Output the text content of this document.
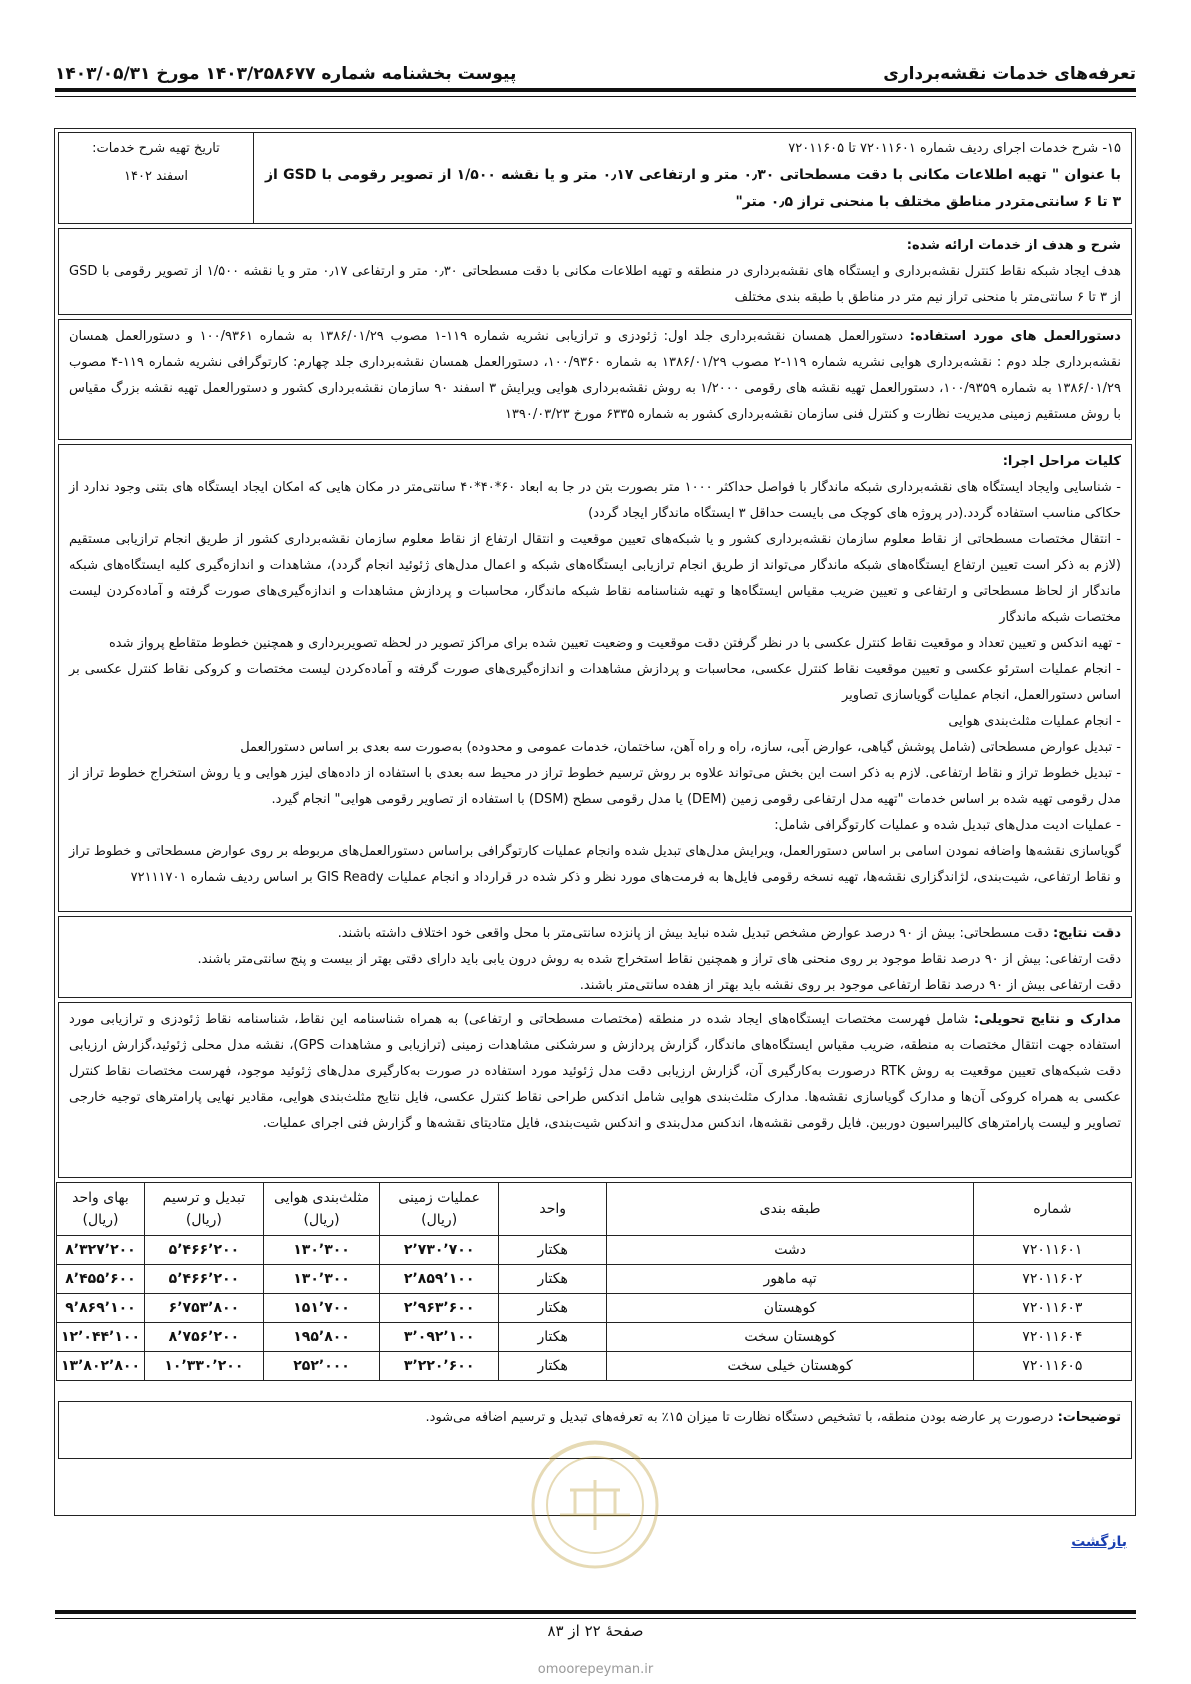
تعرفه‌های خدمات نقشه‌برداری
پیوست بخشنامه شماره ۱۴۰۳/۲۵۸۶۷۷ مورخ ۱۴۰۳/۰۵/۳۱
۱۵- شرح خدمات اجرای ردیف شماره ۷۲۰۱۱۶۰۱ تا ۷۲۰۱۱۶۰۵
با عنوان " تهیه اطلاعات مکانی با دقت مسطحاتی ۰٫۳۰ متر و ارتفاعی ۰٫۱۷ متر و یا نقشه ۱/۵۰۰ از تصویر رقومی با GSD از ۳ تا ۶ سانتی‌متردر مناطق مختلف با منحنی تراز ۰٫۵ متر"
تاریخ تهیه شرح خدمات:
اسفند ۱۴۰۲
شرح و هدف از خدمات ارائه شده:
هدف ایجاد شبکه نقاط کنترل نقشه‌برداری و ایستگاه های نقشه‌برداری در منطقه و تهیه اطلاعات مکانی با دقت مسطحاتی ۰٫۳۰ متر و ارتفاعی ۰٫۱۷ متر و یا نقشه ۱/۵۰۰ از تصویر رقومی با GSD از ۳ تا ۶ سانتی‌متر با منحنی تراز نیم متر در مناطق با طبقه بندی مختلف
دستورالعمل های مورد استفاده: دستورالعمل همسان نقشه‌برداری جلد اول: ژئودزی و ترازیابی نشریه شماره ۱۱۹-۱ مصوب ۱۳۸۶/۰۱/۲۹ به شماره ۱۰۰/۹۳۶۱ و دستورالعمل همسان نقشه‌برداری جلد دوم : نقشه‌برداری هوایی نشریه شماره ۱۱۹-۲ مصوب ۱۳۸۶/۰۱/۲۹ به شماره ۱۰۰/۹۳۶۰، دستورالعمل همسان نقشه‌برداری جلد چهارم: کارتوگرافی نشریه شماره ۱۱۹-۴ مصوب ۱۳۸۶/۰۱/۲۹ به شماره ۱۰۰/۹۳۵۹، دستورالعمل تهیه نقشه های رقومی ۱/۲۰۰۰ به روش نقشه‌برداری هوایی ویرایش ۳ اسفند ۹۰ سازمان نقشه‌برداری کشور و دستورالعمل تهیه نقشه بزرگ مقیاس با روش مستقیم زمینی مدیریت نظارت و کنترل فنی سازمان نقشه‌برداری کشور به شماره ۶۳۳۵ مورخ ۱۳۹۰/۰۳/۲۳
کلیات مراحل اجرا:
- شناسایی وایجاد ایستگاه های نقشه‌برداری شبکه ماندگار با فواصل حداکثر ۱۰۰۰ متر بصورت بتن در جا به ابعاد ۶۰*۴۰*۴۰ سانتی‌متر در مکان هایی که امکان ایجاد ایستگاه های بتنی وجود ندارد از حکاکی مناسب استفاده گردد.(در پروژه های کوچک می بایست حداقل ۳ ایستگاه ماندگار ایجاد گردد)
- انتقال مختصات مسطحاتی از نقاط معلوم سازمان نقشه‌برداری کشور و یا شبکه‌های تعیین موقعیت و انتقال ارتفاع از نقاط معلوم سازمان نقشه‌برداری کشور از طریق انجام ترازیابی مستقیم (لازم به ذکر است تعیین ارتفاع ایستگاه‌های شبکه ماندگار می‌تواند از طریق انجام ترازیابی ایستگاه‌های شبکه و اعمال مدل‌های ژئوئید انجام گردد)، مشاهدات و اندازه‌گیری کلیه ایستگاه‌های شبکه ماندگار از لحاظ مسطحاتی و ارتفاعی و تعیین ضریب مقیاس ایستگاه‌ها و تهیه شناسنامه نقاط شبکه ماندگار، محاسبات و پردازش مشاهدات و اندازه‌گیری‌های صورت گرفته و آماده‌کردن لیست مختصات شبکه ماندگار
- تهیه اندکس و تعیین تعداد و موقعیت نقاط کنترل عکسی با در نظر گرفتن دقت موقعیت و وضعیت تعیین شده برای مراکز تصویر در لحظه تصویربرداری و همچنین خطوط متقاطع پرواز شده
- انجام عملیات استرئو عکسی و تعیین موقعیت نقاط کنترل عکسی، محاسبات و پردازش مشاهدات و اندازه‌گیری‌های صورت گرفته و آماده‌کردن لیست مختصات و کروکی نقاط کنترل عکسی بر اساس دستورالعمل، انجام عملیات گویاسازی تصاویر
- انجام عملیات مثلث‌بندی هوایی
- تبدیل عوارض مسطحاتی (شامل پوشش گیاهی، عوارض آبی، سازه، راه و راه آهن، ساختمان، خدمات عمومی و محدوده) به‌صورت سه بعدی بر اساس دستورالعمل
- تبدیل خطوط تراز و نقاط ارتفاعی. لازم به ذکر است این بخش می‌تواند علاوه بر روش ترسیم خطوط تراز در محیط سه بعدی با استفاده از داده‌های لیزر هوایی و یا روش استخراج خطوط تراز از مدل رقومی تهیه شده بر اساس خدمات "تهیه مدل ارتفاعی رقومی زمین (DEM) یا مدل رقومی سطح (DSM) با استفاده از تصاویر رقومی هوایی" انجام گیرد.
- عملیات ادیت مدل‌های تبدیل شده و عملیات کارتوگرافی شامل:
گویاسازی نقشه‌ها واضافه نمودن اسامی بر اساس دستورالعمل، ویرایش مدل‌های تبدیل شده وانجام عملیات کارتوگرافی براساس دستورالعمل‌های مربوطه بر روی عوارض مسطحاتی و خطوط تراز و نقاط ارتفاعی، شیت‌بندی، لژاندگزاری نقشه‌ها، تهیه نسخه رقومی فایل‌ها به فرمت‌های مورد نظر و ذکر شده در قرارداد و انجام عملیات GIS Ready بر اساس ردیف شماره ۷۲۱۱۱۷۰۱
دقت نتایج: دقت مسطحاتی: بیش از ۹۰ درصد عوارض مشخص تبدیل شده نباید بیش از پانزده سانتی‌متر با محل واقعی خود اختلاف داشته باشند.
دقت ارتفاعی: بیش از ۹۰ درصد نقاط موجود بر روی منحنی های تراز و همچنین نقاط استخراج شده به روش درون یابی باید دارای دقتی بهتر از بیست و پنج سانتی‌متر باشند.
دقت ارتفاعی بیش از ۹۰ درصد نقاط ارتفاعی موجود بر روی نقشه باید بهتر از هفده سانتی‌متر باشند.
مدارک و نتایج تحویلی: شامل فهرست مختصات ایستگاه‌های ایجاد شده در منطقه (مختصات مسطحاتی و ارتفاعی) به همراه شناسنامه این نقاط، شناسنامه نقاط ژئودزی و ترازیابی مورد استفاده جهت انتقال مختصات به منطقه، ضریب مقیاس ایستگاه‌های ماندگار، گزارش پردازش و سرشکنی مشاهدات زمینی (ترازیابی و مشاهدات GPS)، نقشه مدل محلی ژئوئید،گزارش ارزیابی دقت شبکه‌های تعیین موقعیت به روش RTK درصورت به‌کارگیری آن، گزارش ارزیابی دقت مدل ژئوئید مورد استفاده در صورت به‌کارگیری مدل‌های ژئوئید موجود، فهرست مختصات نقاط کنترل عکسی به همراه کروکی آن‌ها و مدارک گویاسازی نقشه‌ها. مدارک مثلث‌بندی هوایی شامل اندکس طراحی نقاط کنترل عکسی، فایل نتایج مثلث‌بندی هوایی، مقادیر نهایی پارامترهای توجیه خارجی تصاویر و لیست پارامترهای کالیبراسیون دوربین. فایل رقومی نقشه‌ها، اندکس مدل‌بندی و اندکس شیت‌بندی، فایل متادیتای نقشه‌ها و گزارش فنی اجرای عملیات.
شماره	طبقه بندی	واحد	عملیات زمینی (ریال)	مثلث‌بندی هوایی (ریال)	تبدیل و ترسیم (ریال)	بهای واحد (ریال)
۷۲۰۱۱۶۰۱	دشت	هکتار	۲٬۷۳۰٬۷۰۰	۱۳۰٬۳۰۰	۵٬۴۶۶٬۲۰۰	۸٬۳۲۷٬۲۰۰
۷۲۰۱۱۶۰۲	تپه ماهور	هکتار	۲٬۸۵۹٬۱۰۰	۱۳۰٬۳۰۰	۵٬۴۶۶٬۲۰۰	۸٬۴۵۵٬۶۰۰
۷۲۰۱۱۶۰۳	کوهستان	هکتار	۲٬۹۶۳٬۶۰۰	۱۵۱٬۷۰۰	۶٬۷۵۳٬۸۰۰	۹٬۸۶۹٬۱۰۰
۷۲۰۱۱۶۰۴	کوهستان سخت	هکتار	۳٬۰۹۲٬۱۰۰	۱۹۵٬۸۰۰	۸٬۷۵۶٬۲۰۰	۱۲٬۰۴۴٬۱۰۰
۷۲۰۱۱۶۰۵	کوهستان خیلی سخت	هکتار	۳٬۲۲۰٬۶۰۰	۲۵۲٬۰۰۰	۱۰٬۳۳۰٬۲۰۰	۱۳٬۸۰۲٬۸۰۰
توضیحات: درصورت پر عارضه بودن منطقه، با تشخیص دستگاه نظارت تا میزان ۱۵٪ به تعرفه‌های تبدیل و ترسیم اضافه می‌شود.
بازگشت
صفحهٔ ۲۲ از ۸۳
omoorepeyman.ir
